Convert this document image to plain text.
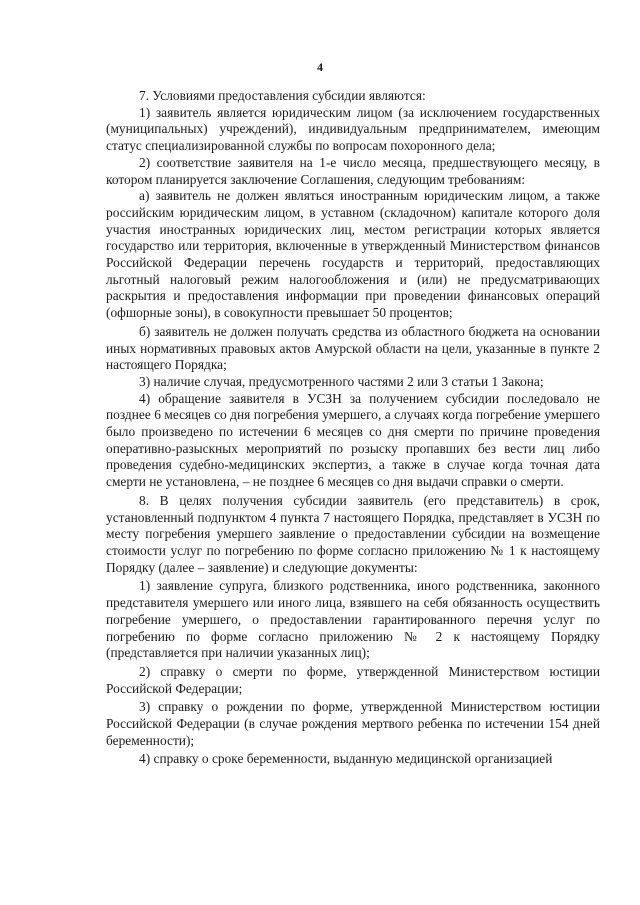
4

7. Условиями предоставления субсидии являются:

1) заявитель является юридическим лицом (за исключением государственных (муниципальных) учреждений), индивидуальным предпринимателем, имеющим статус специализированной службы по вопросам похоронного дела;

2) соответствие заявителя на 1-е число месяца, предшествующего месяцу, в котором планируется заключение Соглашения, следующим требованиям:

а) заявитель не должен являться иностранным юридическим лицом, а также российским юридическим лицом, в уставном (складочном) капитале которого доля участия иностранных юридических лиц, местом регистрации которых является государство или территория, включенные в утвержденный Министерством финансов Российской Федерации перечень государств и территорий, предоставляющих льготный налоговый режим налогообложения и (или) не предусматривающих раскрытия и предоставления информации при проведении финансовых операций (офшорные зоны), в совокупности превышает 50 процентов;

б) заявитель не должен получать средства из областного бюджета на основании иных нормативных правовых актов Амурской области на цели, указанные в пункте 2 настоящего Порядка;

3) наличие случая, предусмотренного частями 2 или 3 статьи 1 Закона;

4) обращение заявителя в УСЗН за получением субсидии последовало не позднее 6 месяцев со дня погребения умершего, а случаях когда погребение умершего было произведено по истечении 6 месяцев со дня смерти по причине проведения оперативно-разыскных мероприятий по розыску пропавших без вести лиц либо проведения судебно-медицинских экспертиз, а также в случае когда точная дата смерти не установлена, – не позднее 6 месяцев со дня выдачи справки о смерти.

8. В целях получения субсидии заявитель (его представитель) в срок, установленный подпунктом 4 пункта 7 настоящего Порядка, представляет в УСЗН по месту погребения умершего заявление о предоставлении субсидии на возмещение стоимости услуг по погребению по форме согласно приложению № 1 к настоящему Порядку (далее – заявление) и следующие документы:

1) заявление супруга, близкого родственника, иного родственника, законного представителя умершего или иного лица, взявшего на себя обязанность осуществить погребение умершего, о предоставлении гарантированного перечня услуг по погребению по форме согласно приложению № 2 к настоящему Порядку (представляется при наличии указанных лиц);

2) справку о смерти по форме, утвержденной Министерством юстиции Российской Федерации;

3) справку о рождении по форме, утвержденной Министерством юстиции Российской Федерации (в случае рождения мертвого ребенка по истечении 154 дней беременности);

4) справку о сроке беременности, выданную медицинской организацией
